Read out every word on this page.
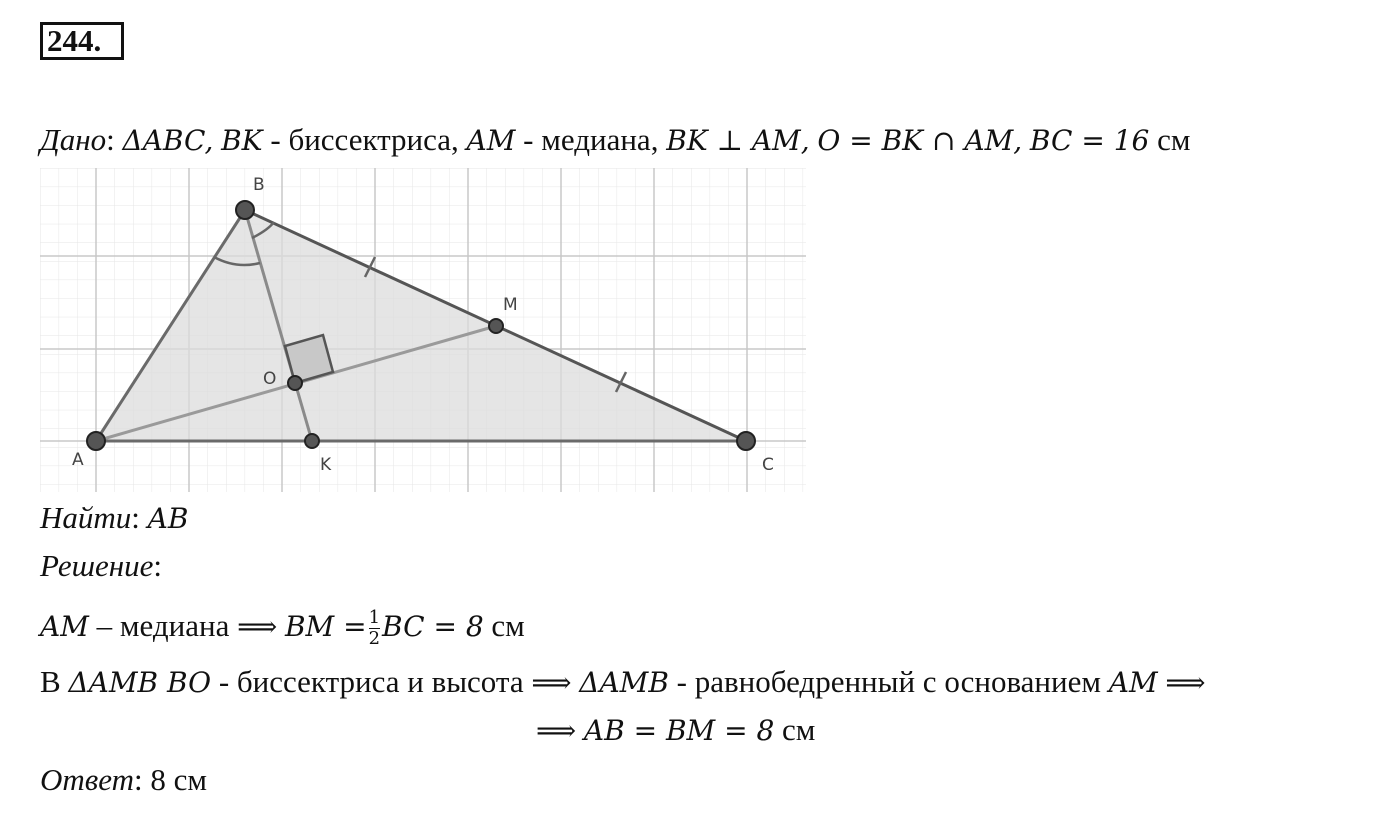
244.
Дано: ΔABC, BK - биссектриса, AM - медиана, BK ⊥ AM, O = BK ∩ AM, BC = 16 см
A
B
C
M
O
K
Найти: AB
Решение:
AM – медиана ⟹ BM = $\frac{1}{2}$ BC = 8 см
В ΔAMB BO - биссектриса и высота ⟹ ΔAMB - равнобедренный с основанием AM ⟹
⟹ AB = BM = 8 см
Ответ: 8 см
